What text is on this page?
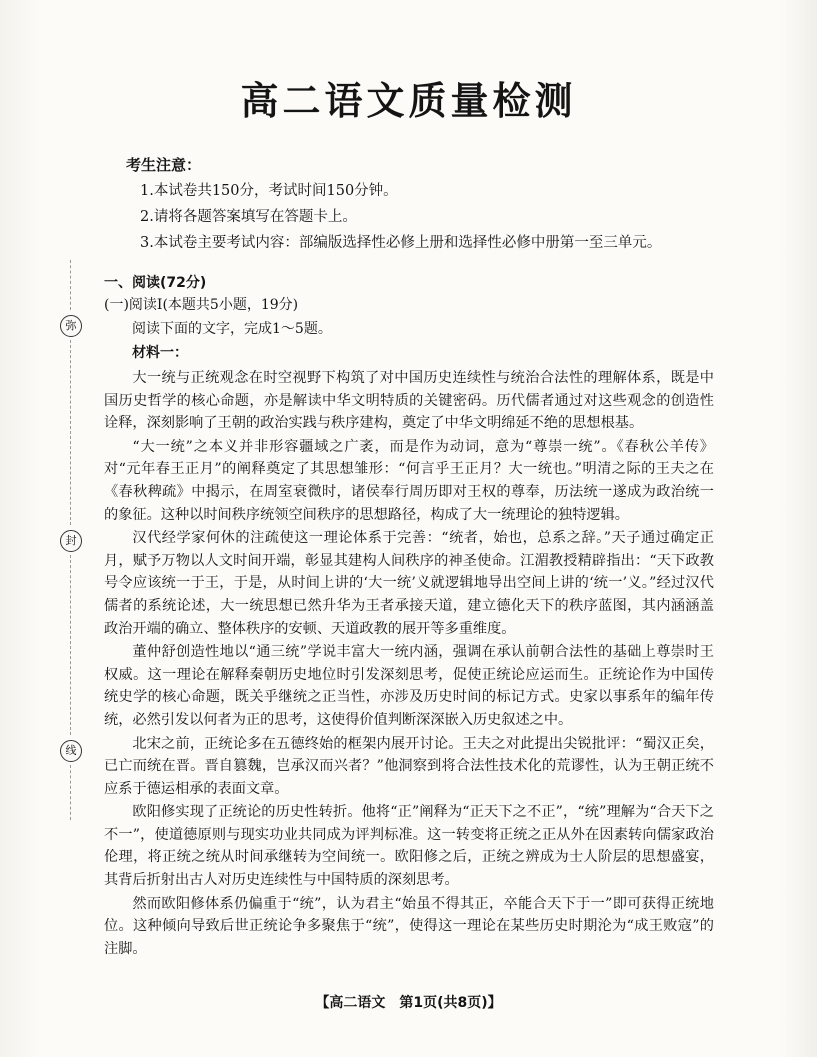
弥
封
线
高二语文质量检测
考生注意：
1.本试卷共150分，考试时间150分钟。
2.请将各题答案填写在答题卡上。
3.本试卷主要考试内容：部编版选择性必修上册和选择性必修中册第一至三单元。
一、阅读(72分)
(一)阅读Ⅰ(本题共5小题，19分)
阅读下面的文字，完成1～5题。
材料一：

大一统与正统观念在时空视野下构筑了对中国历史连续性与统治合法性的理解体系，既是中国历史哲学的核心命题，亦是解读中华文明特质的关键密码。历代儒者通过对这些观念的创造性诠释，深刻影响了王朝的政治实践与秩序建构，奠定了中华文明绵延不绝的思想根基。

“大一统”之本义并非形容疆域之广袤，而是作为动词，意为“尊崇一统”。《春秋公羊传》对“元年春王正月”的阐释奠定了其思想雏形：“何言乎王正月？大一统也。”明清之际的王夫之在《春秋稗疏》中揭示，在周室衰微时，诸侯奉行周历即对王权的尊奉，历法统一遂成为政治统一的象征。这种以时间秩序统领空间秩序的思想路径，构成了大一统理论的独特逻辑。

汉代经学家何休的注疏使这一理论体系于完善：“统者，始也，总系之辞。”天子通过确定正月，赋予万物以人文时间开端，彰显其建构人间秩序的神圣使命。江湄教授精辟指出：“天下政教号令应该统一于王，于是，从时间上讲的‘大一统’义就逻辑地导出空间上讲的‘统一’义。”经过汉代儒者的系统论述，大一统思想已然升华为王者承接天道，建立德化天下的秩序蓝图，其内涵涵盖政治开端的确立、整体秩序的安顿、天道政教的展开等多重维度。

董仲舒创造性地以“通三统”学说丰富大一统内涵，强调在承认前朝合法性的基础上尊崇时王权威。这一理论在解释秦朝历史地位时引发深刻思考，促使正统论应运而生。正统论作为中国传统史学的核心命题，既关乎继统之正当性，亦涉及历史时间的标记方式。史家以事系年的编年传统，必然引发以何者为正的思考，这使得价值判断深深嵌入历史叙述之中。

北宋之前，正统论多在五德终始的框架内展开讨论。王夫之对此提出尖锐批评：“蜀汉正矣，已亡而统在晋。晋自篡魏，岂承汉而兴者？”他洞察到将合法性技术化的荒谬性，认为王朝正统不应系于德运相承的表面文章。

欧阳修实现了正统论的历史性转折。他将“正”阐释为“正天下之不正”，“统”理解为“合天下之不一”，使道德原则与现实功业共同成为评判标准。这一转变将正统之正从外在因素转向儒家政治伦理，将正统之统从时间承继转为空间统一。欧阳修之后，正统之辨成为士人阶层的思想盛宴，其背后折射出古人对历史连续性与中国特质的深刻思考。

然而欧阳修体系仍偏重于“统”，认为君主“始虽不得其正，卒能合天下于一”即可获得正统地位。这种倾向导致后世正统论争多聚焦于“统”，使得这一理论在某些历史时期沦为“成王败寇”的注脚。

【高二语文　第1页(共8页)】
